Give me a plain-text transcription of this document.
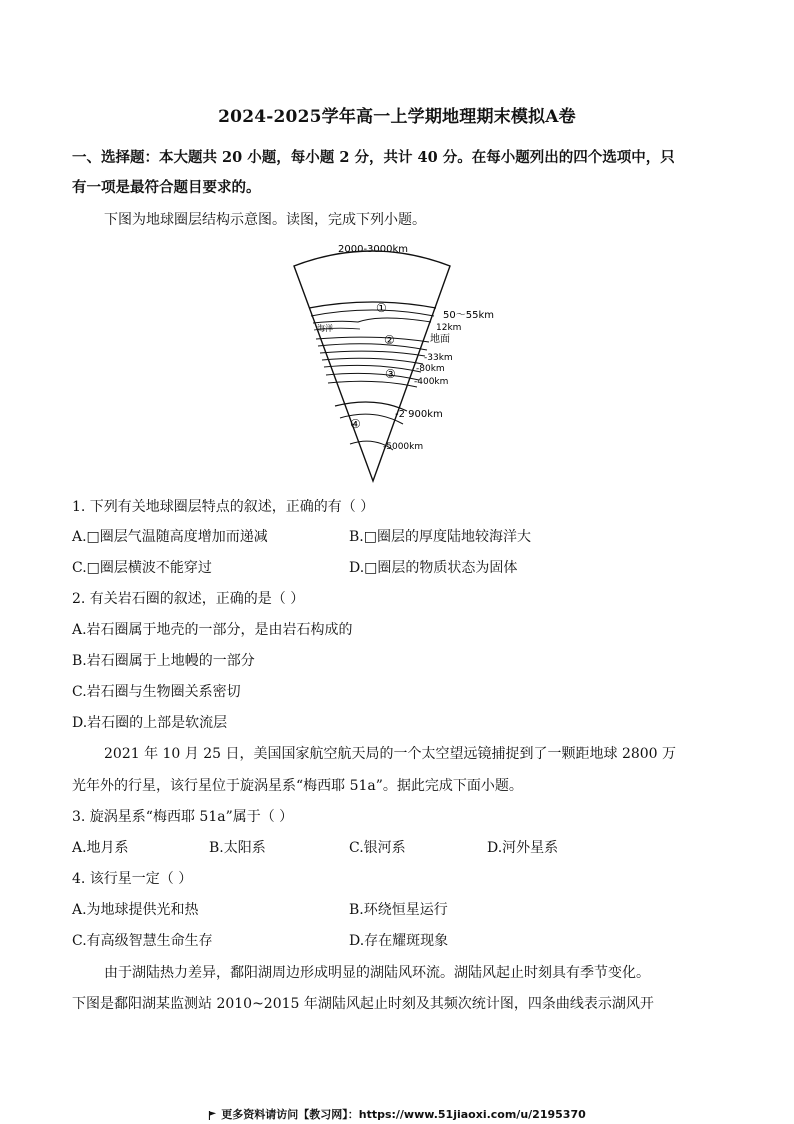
2024-2025学年高一上学期地理期末模拟A卷
一、选择题：本大题共 20 小题，每小题 2 分，共计 40 分。在每小题列出的四个选项中，只
有一项是最符合题目要求的。
下图为地球圈层结构示意图。读图，完成下列小题。
2000-3000km
海洋
①
②
③
④
50～55km
12km
地面
-33km
-80km
-400km
-2 900km
-5000km
1. 下列有关地球圈层特点的叙述，正确的有（ ）
A.□圈层气温随高度增加而递减	B.□圈层的厚度陆地较海洋大
C.□圈层横波不能穿过	D.□圈层的物质状态为固体
2. 有关岩石圈的叙述，正确的是（ ）
A.岩石圈属于地壳的一部分，是由岩石构成的
B.岩石圈属于上地幔的一部分
C.岩石圈与生物圈关系密切
D.岩石圈的上部是软流层
2021 年 10 月 25 日，美国国家航空航天局的一个太空望远镜捕捉到了一颗距地球 2800 万
光年外的行星，该行星位于旋涡星系“梅西耶 51a”。据此完成下面小题。
3. 旋涡星系“梅西耶 51a”属于（ ）
A.地月系	B.太阳系	C.银河系	D.河外星系
4. 该行星一定（ ）
A.为地球提供光和热	B.环绕恒星运行
C.有高级智慧生命生存	D.存在耀斑现象
由于湖陆热力差异，鄱阳湖周边形成明显的湖陆风环流。湖陆风起止时刻具有季节变化。
下图是鄱阳湖某监测站 2010~2015 年湖陆风起止时刻及其频次统计图，四条曲线表示湖风开
更多资料请访问【教习网】：https://www.51jiaoxi.com/u/2195370
